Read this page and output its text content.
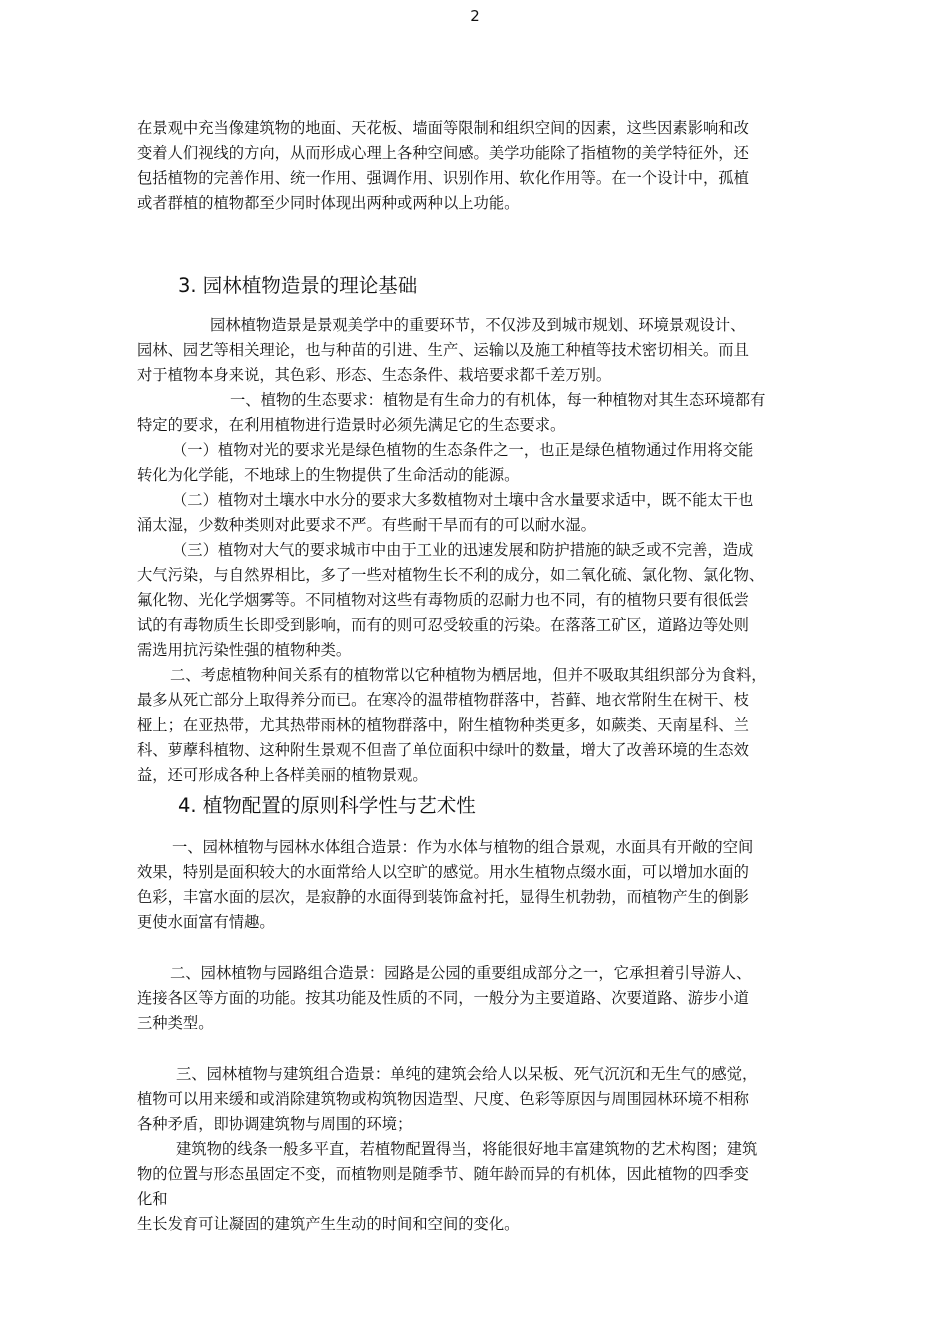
2
在景观中充当像建筑物的地面、天花板、墙面等限制和组织空间的因素，这些因素影响和改
变着人们视线的方向，从而形成心理上各种空间感。美学功能除了指植物的美学特征外，还
包括植物的完善作用、统一作用、强调作用、识别作用、软化作用等。在一个设计中，孤植
或者群植的植物都至少同时体现出两种或两种以上功能。
3. 园林植物造景的理论基础
园林植物造景是景观美学中的重要环节，不仅涉及到城市规划、环境景观设计、
园林、园艺等相关理论，也与种苗的引进、生产、运输以及施工种植等技术密切相关。而且
对于植物本身来说，其色彩、形态、生态条件、栽培要求都千差万别。
一、植物的生态要求：植物是有生命力的有机体，每一种植物对其生态环境都有
特定的要求，在利用植物进行造景时必须先满足它的生态要求。
（一）植物对光的要求光是绿色植物的生态条件之一，也正是绿色植物通过作用将交能
转化为化学能，不地球上的生物提供了生命活动的能源。
（二）植物对土壤水中水分的要求大多数植物对土壤中含水量要求适中，既不能太干也
涌太湿，少数种类则对此要求不严。有些耐干旱而有的可以耐水湿。
（三）植物对大气的要求城市中由于工业的迅速发展和防护措施的缺乏或不完善，造成
大气污染，与自然界相比，多了一些对植物生长不利的成分，如二氧化硫、氯化物、氯化物、
氟化物、光化学烟雾等。不同植物对这些有毒物质的忍耐力也不同，有的植物只要有很低尝
试的有毒物质生长即受到影响，而有的则可忍受较重的污染。在落落工矿区，道路边等处则
需选用抗污染性强的植物种类。
二、考虑植物种间关系有的植物常以它种植物为栖居地，但并不吸取其组织部分为食料，
最多从死亡部分上取得养分而已。在寒冷的温带植物群落中，苔藓、地衣常附生在树干、枝
桠上；在亚热带，尤其热带雨林的植物群落中，附生植物种类更多，如蕨类、天南星科、兰
科、萝藦科植物、这种附生景观不但啬了单位面积中绿叶的数量，增大了改善环境的生态效
益，还可形成各种上各样美丽的植物景观。
4. 植物配置的原则科学性与艺术性
一、园林植物与园林水体组合造景：作为水体与植物的组合景观，水面具有开敞的空间
效果，特别是面积较大的水面常给人以空旷的感觉。用水生植物点缀水面，可以增加水面的
色彩，丰富水面的层次，是寂静的水面得到装饰盒衬托，显得生机勃勃，而植物产生的倒影
更使水面富有情趣。
二、园林植物与园路组合造景：园路是公园的重要组成部分之一，它承担着引导游人、
连接各区等方面的功能。按其功能及性质的不同，一般分为主要道路、次要道路、游步小道
三种类型。
三、园林植物与建筑组合造景：单纯的建筑会给人以呆板、死气沉沉和无生气的感觉，
植物可以用来缓和或消除建筑物或构筑物因造型、尺度、色彩等原因与周围园林环境不相称
各种矛盾，即协调建筑物与周围的环境；
建筑物的线条一般多平直，若植物配置得当，将能很好地丰富建筑物的艺术构图；建筑
物的位置与形态虽固定不变，而植物则是随季节、随年龄而异的有机体，因此植物的四季变
化和
生长发育可让凝固的建筑产生生动的时间和空间的变化。
